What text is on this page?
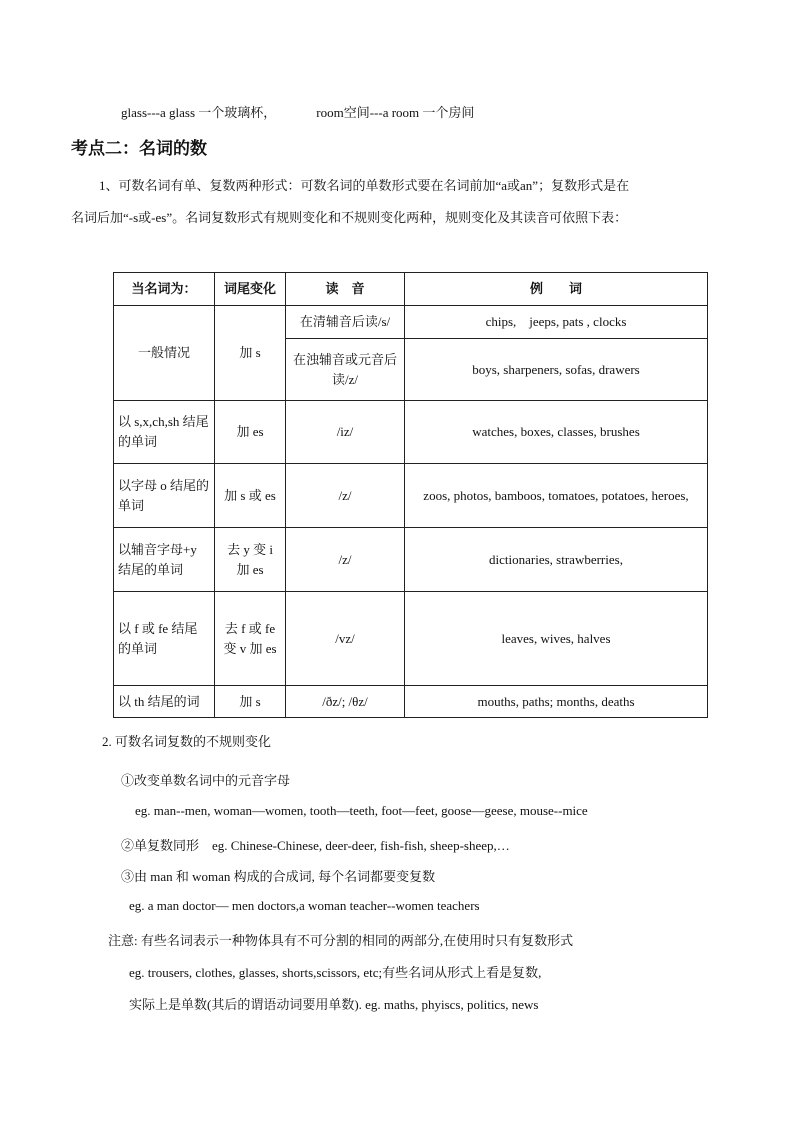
glass---a glass 一个玻璃杯，	room空间---a room 一个房间
考点二：名词的数
1、可数名词有单、复数两种形式：可数名词的单数形式要在名词前加“a或an”；复数形式是在名词后加“-s或-es”。名词复数形式有规则变化和不规则变化两种，规则变化及其读音可依照下表：
当名词为：	词尾变化	读　音	例　　词
一般情况	加 s	在清辅音后读/s/	chips,　jeeps, pats , clocks
		在浊辅音或元音后读/z/	boys, sharpeners, sofas, drawers
以 s,x,ch,sh 结尾的单词	加 es	/iz/	watches, boxes, classes, brushes
以字母 o 结尾的单词	加 s 或 es	/z/	zoos, photos, bamboos, tomatoes, potatoes, heroes,
以辅音字母+y 结尾的单词	去 y 变 i 加 es	/z/	dictionaries, strawberries,
以 f 或 fe 结尾的单词	去 f 或 fe 变 v 加 es	/vz/	leaves, wives, halves
以 th 结尾的词	加 s	/ðz/; /θz/	mouths, paths; months, deaths
2. 可数名词复数的不规则变化
①改变单数名词中的元音字母
eg. man--men, woman—women, tooth—teeth, foot—feet, goose—geese, mouse--mice
②单复数同形　eg. Chinese-Chinese, deer-deer, fish-fish, sheep-sheep,…
③由 man 和 woman 构成的合成词, 每个名词都要变复数
eg. a man doctor— men doctors,a woman teacher--women teachers
注意: 有些名词表示一种物体具有不可分割的相同的两部分,在使用时只有复数形式
eg. trousers, clothes, glasses, shorts,scissors, etc;有些名词从形式上看是复数,
实际上是单数(其后的谓语动词要用单数). eg. maths, phyiscs, politics, news
